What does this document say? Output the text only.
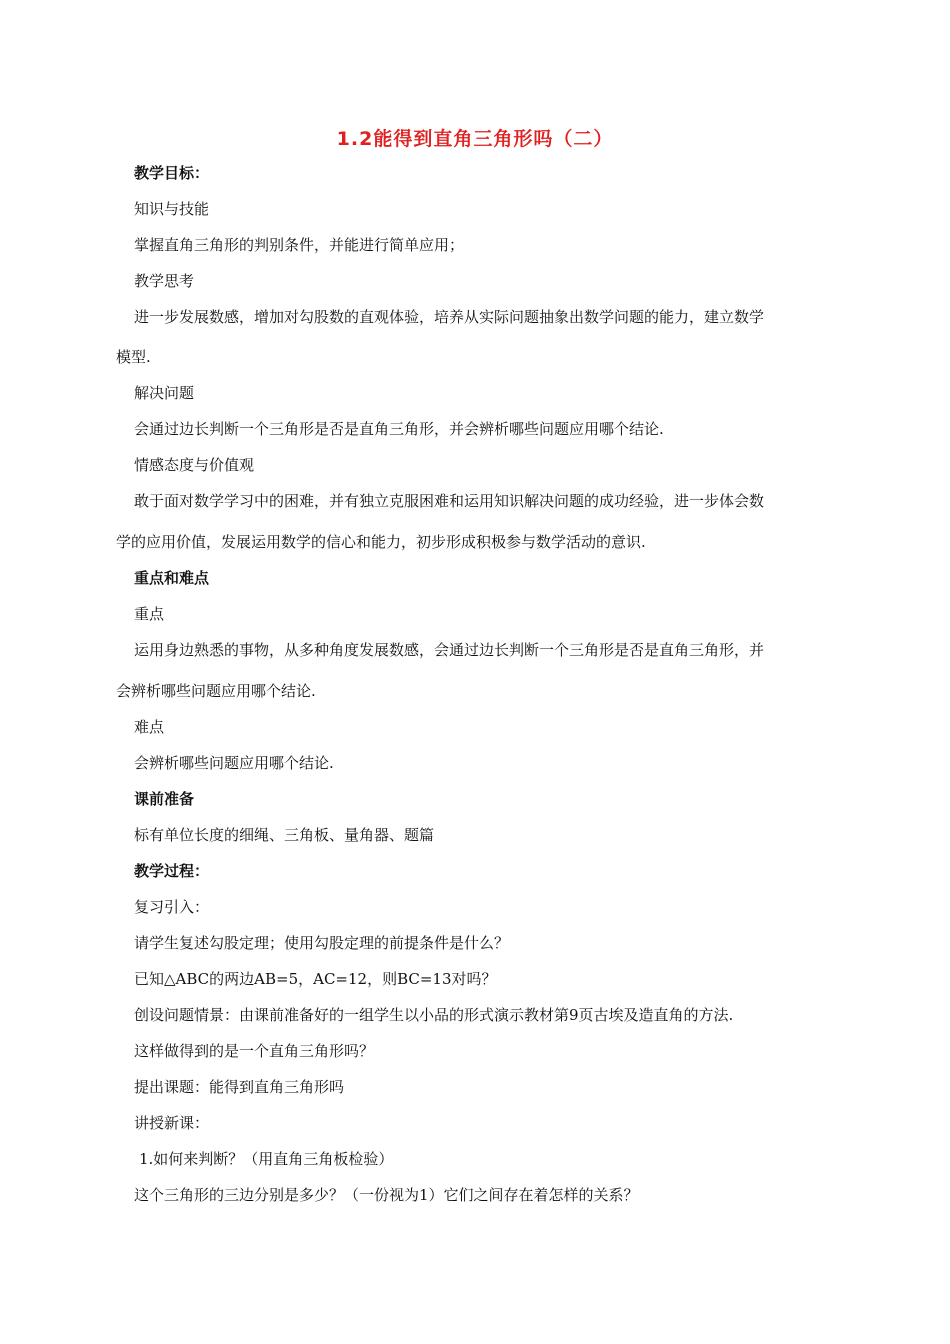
1.2能得到直角三角形吗（二）
教学目标：
知识与技能
掌握直角三角形的判别条件，并能进行简单应用；
教学思考
进一步发展数感，增加对勾股数的直观体验，培养从实际问题抽象出数学问题的能力，建立数学
模型.
解决问题
会通过边长判断一个三角形是否是直角三角形，并会辨析哪些问题应用哪个结论.
情感态度与价值观
敢于面对数学学习中的困难，并有独立克服困难和运用知识解决问题的成功经验，进一步体会数
学的应用价值，发展运用数学的信心和能力，初步形成积极参与数学活动的意识.
重点和难点
重点
运用身边熟悉的事物，从多种角度发展数感，会通过边长判断一个三角形是否是直角三角形，并
会辨析哪些问题应用哪个结论.
难点
会辨析哪些问题应用哪个结论.
课前准备
标有单位长度的细绳、三角板、量角器、题篇
教学过程：
复习引入：
请学生复述勾股定理；使用勾股定理的前提条件是什么？
已知△ABC的两边AB=5，AC=12，则BC=13对吗？
创设问题情景：由课前准备好的一组学生以小品的形式演示教材第9页古埃及造直角的方法.
这样做得到的是一个直角三角形吗？
提出课题：能得到直角三角形吗
讲授新课：
1.如何来判断？（用直角三角板检验）
这个三角形的三边分别是多少？（一份视为1）它们之间存在着怎样的关系？
